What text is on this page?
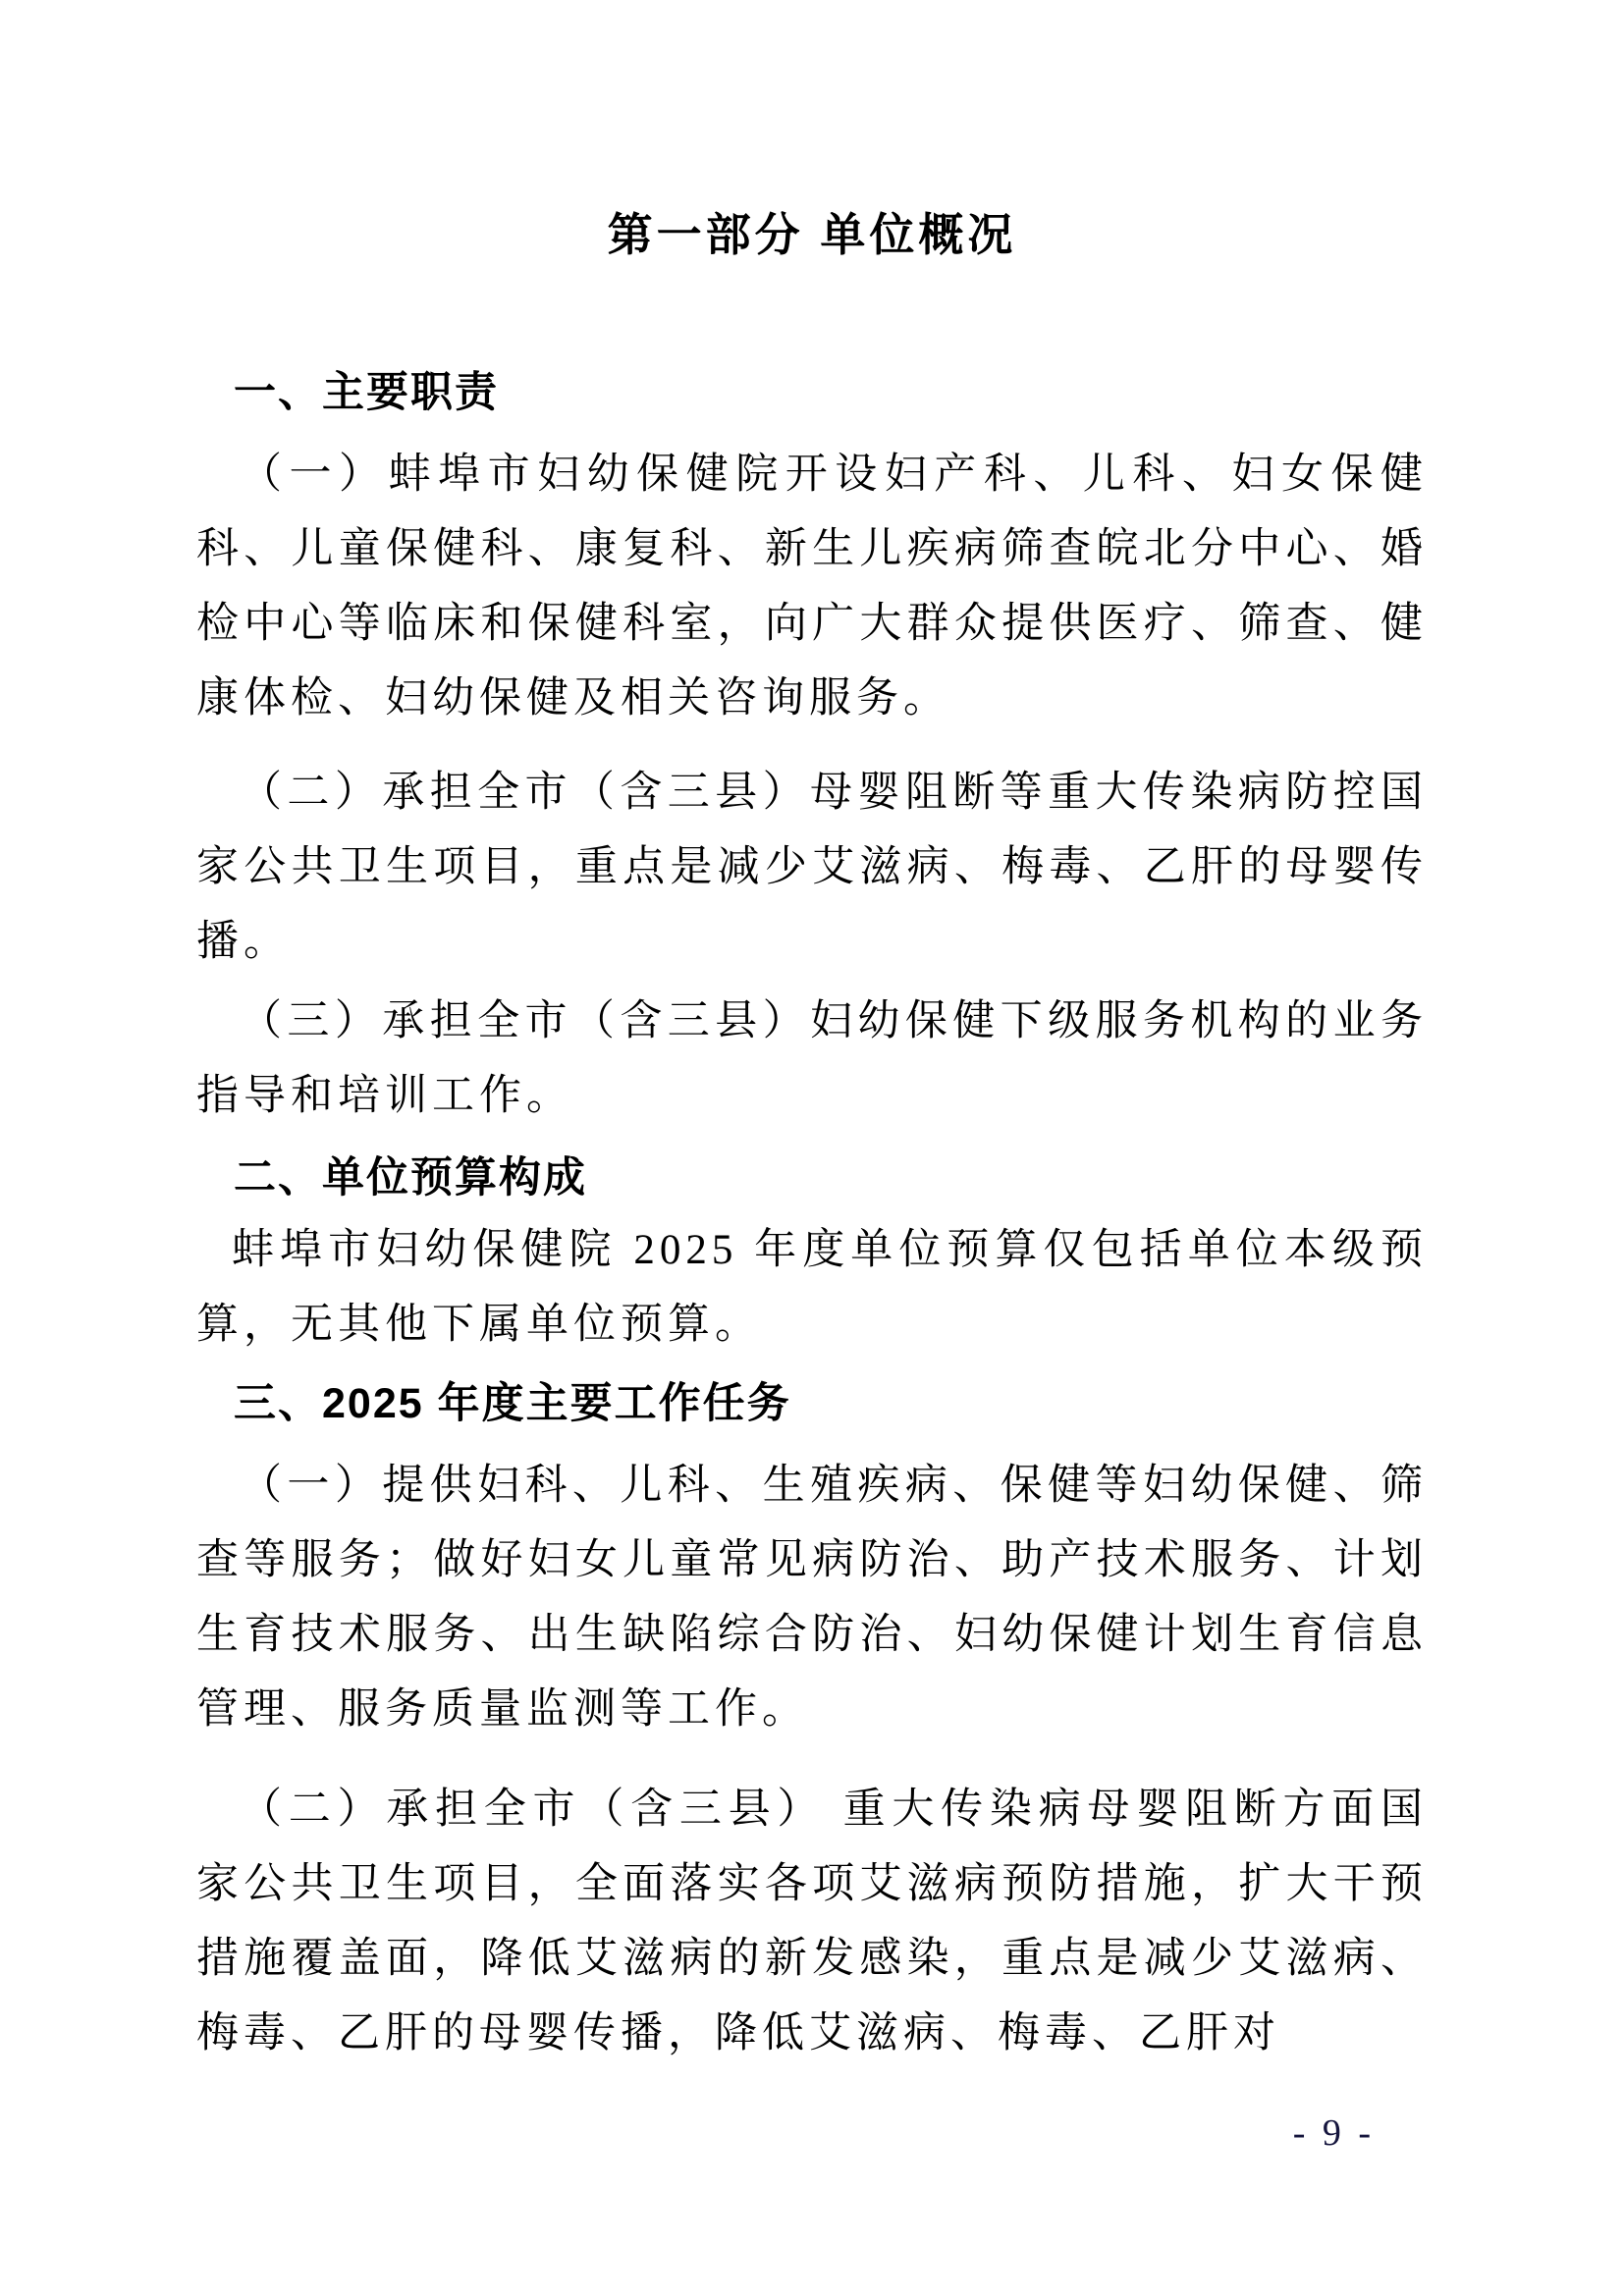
第一部分 单位概况
一、主要职责

（一）蚌埠市妇幼保健院开设妇产科、儿科、妇女保健科、儿童保健科、康复科、新生儿疾病筛查皖北分中心、婚检中心等临床和保健科室，向广大群众提供医疗、筛查、健康体检、妇幼保健及相关咨询服务。

（二）承担全市（含三县）母婴阻断等重大传染病防控国家公共卫生项目，重点是减少艾滋病、梅毒、乙肝的母婴传播。

（三）承担全市（含三县）妇幼保健下级服务机构的业务指导和培训工作。

二、单位预算构成

蚌埠市妇幼保健院 2025 年度单位预算仅包括单位本级预算，无其他下属单位预算。

三、2025 年度主要工作任务

（一）提供妇科、儿科、生殖疾病、保健等妇幼保健、筛查等服务；做好妇女儿童常见病防治、助产技术服务、计划生育技术服务、出生缺陷综合防治、妇幼保健计划生育信息管理、服务质量监测等工作。

（二）承担全市（含三县） 重大传染病母婴阻断方面国家公共卫生项目，全面落实各项艾滋病预防措施，扩大干预措施覆盖面，降低艾滋病的新发感染，重点是减少艾滋病、梅毒、乙肝的母婴传播，降低艾滋病、梅毒、乙肝对

- 9 -
